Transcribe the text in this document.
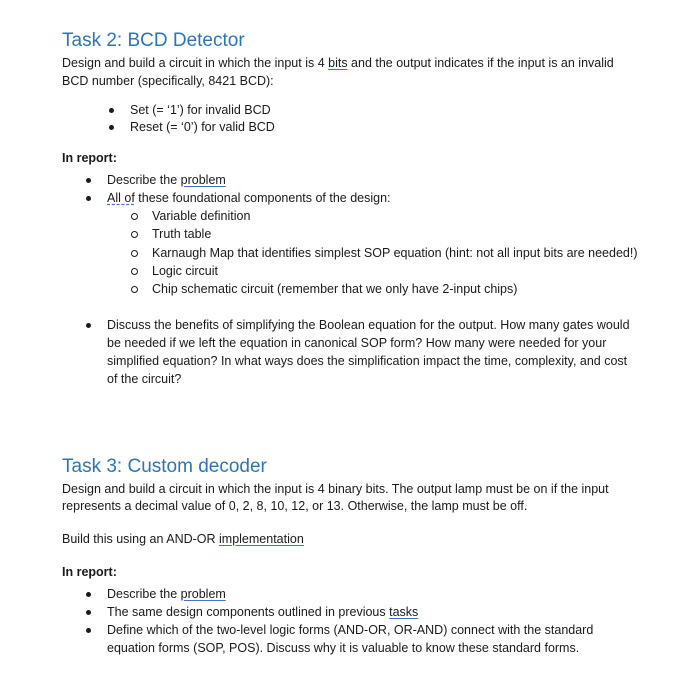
Task 2: BCD Detector
Design and build a circuit in which the input is 4 bits and the output indicates if the input is an invalid
BCD number (specifically, 8421 BCD):
Set (= ‘1’) for invalid BCD
Reset (= ‘0’) for valid BCD
In report:
Describe the problem
All of these foundational components of the design:
Variable definition
Truth table
Karnaugh Map that identifies simplest SOP equation (hint: not all input bits are needed!)
Logic circuit
Chip schematic circuit (remember that we only have 2-input chips)
Discuss the benefits of simplifying the Boolean equation for the output. How many gates would
be needed if we left the equation in canonical SOP form? How many were needed for your
simplified equation? In what ways does the simplification impact the time, complexity, and cost
of the circuit?
Task 3: Custom decoder
Design and build a circuit in which the input is 4 binary bits. The output lamp must be on if the input
represents a decimal value of 0, 2, 8, 10, 12, or 13. Otherwise, the lamp must be off.
Build this using an AND-OR implementation
In report:
Describe the problem
The same design components outlined in previous tasks
Define which of the two-level logic forms (AND-OR, OR-AND) connect with the standard
equation forms (SOP, POS). Discuss why it is valuable to know these standard forms.
